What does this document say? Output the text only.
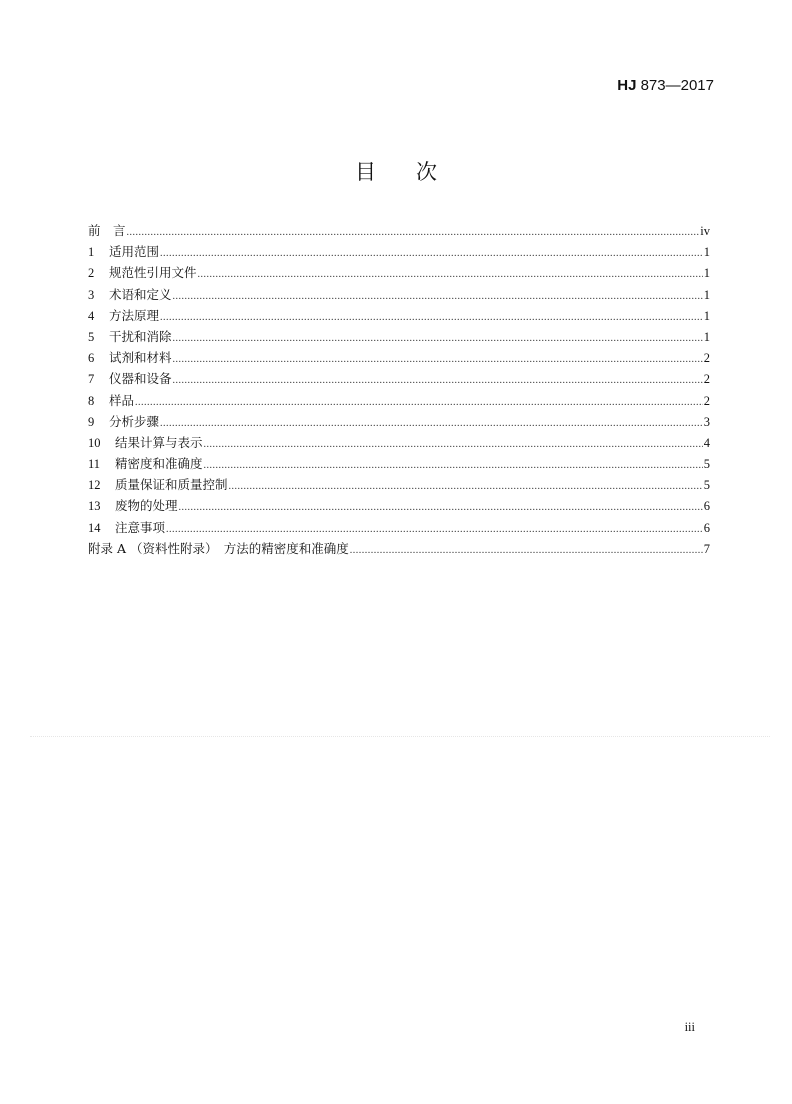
HJ 873—2017
目次
前　言 .....	iv
1	适用范围 .....	1
2	规范性引用文件 .....	1
3	术语和定义 .....	1
4	方法原理 .....	1
5	干扰和消除 .....	1
6	试剂和材料 .....	2
7	仪器和设备 .....	2
8	样品 .....	2
9	分析步骤 .....	3
10	结果计算与表示 .....	4
11	精密度和准确度 .....	5
12	质量保证和质量控制 .....	5
13	废物的处理 .....	6
14	注意事项 .....	6
附录 A （资料性附录）　方法的精密度和准确度 .....	7
iii
